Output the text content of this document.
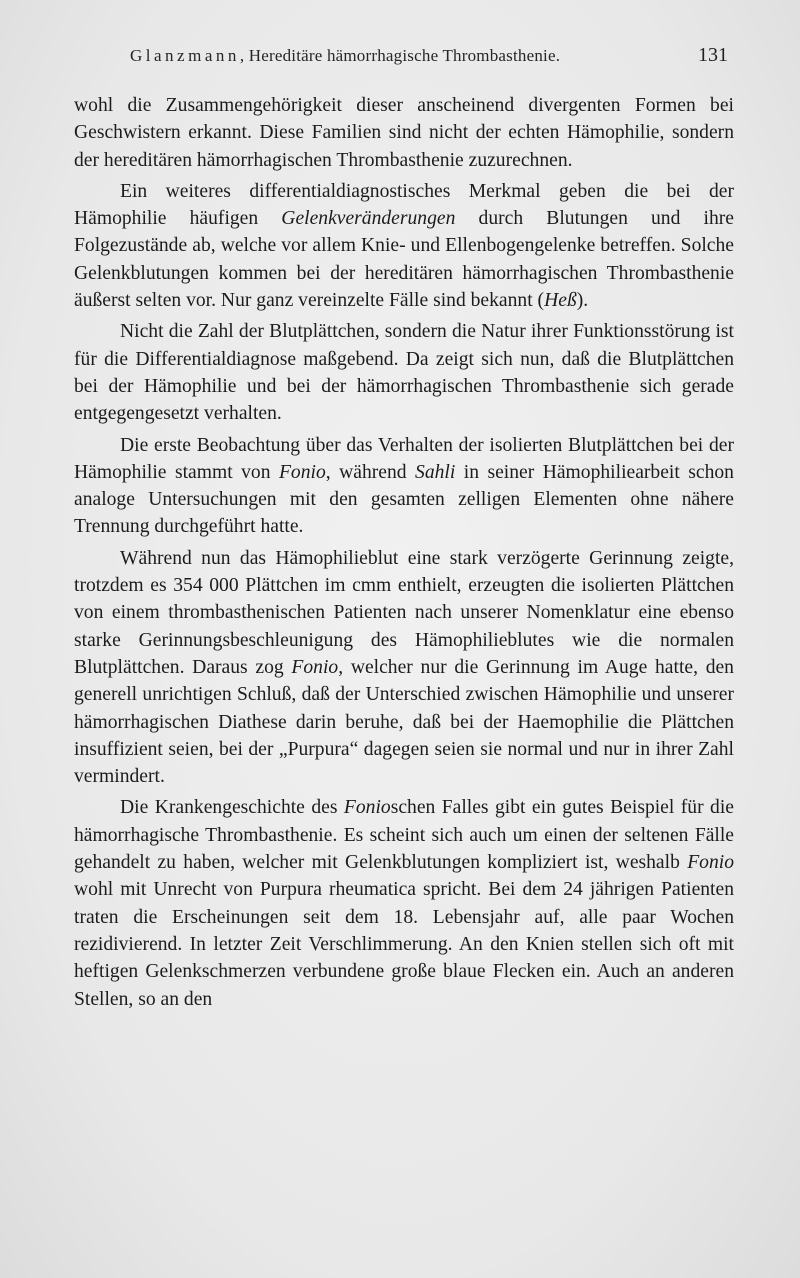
Glanzmann, Hereditäre hämorrhagische Thrombasthenie.	131

wohl die Zusammengehörigkeit dieser anscheinend divergenten Formen bei Geschwistern erkannt. Diese Familien sind nicht der echten Hämophilie, sondern der hereditären hämorrhagischen Thrombasthenie zuzurechnen.

Ein weiteres differentialdiagnostisches Merkmal geben die bei der Hämophilie häufigen Gelenkveränderungen durch Blutungen und ihre Folgezustände ab, welche vor allem Knie- und Ellenbogengelenke betreffen. Solche Gelenkblutungen kommen bei der hereditären hämorrhagischen Thrombasthenie äußerst selten vor. Nur ganz vereinzelte Fälle sind bekannt (Heß).

Nicht die Zahl der Blutplättchen, sondern die Natur ihrer Funktionsstörung ist für die Differentialdiagnose maßgebend. Da zeigt sich nun, daß die Blutplättchen bei der Hämophilie und bei der hämorrhagischen Thrombasthenie sich gerade entgegengesetzt verhalten.

Die erste Beobachtung über das Verhalten der isolierten Blutplättchen bei der Hämophilie stammt von Fonio, während Sahli in seiner Hämophiliearbeit schon analoge Untersuchungen mit den gesamten zelligen Elementen ohne nähere Trennung durchgeführt hatte.

Während nun das Hämophilieblut eine stark verzögerte Gerinnung zeigte, trotzdem es 354 000 Plättchen im cmm enthielt, erzeugten die isolierten Plättchen von einem thrombasthenischen Patienten nach unserer Nomenklatur eine ebenso starke Gerinnungsbeschleunigung des Hämophilieblutes wie die normalen Blutplättchen. Daraus zog Fonio, welcher nur die Gerinnung im Auge hatte, den generell unrichtigen Schluß, daß der Unterschied zwischen Hämophilie und unserer hämorrhagischen Diathese darin beruhe, daß bei der Haemophilie die Plättchen insuffizient seien, bei der „Purpura“ dagegen seien sie normal und nur in ihrer Zahl vermindert.

Die Krankengeschichte des Fonioschen Falles gibt ein gutes Beispiel für die hämorrhagische Thrombasthenie. Es scheint sich auch um einen der seltenen Fälle gehandelt zu haben, welcher mit Gelenkblutungen kompliziert ist, weshalb Fonio wohl mit Unrecht von Purpura rheumatica spricht. Bei dem 24 jährigen Patienten traten die Erscheinungen seit dem 18. Lebensjahr auf, alle paar Wochen rezidivierend. In letzter Zeit Verschlimmerung. An den Knien stellen sich oft mit heftigen Gelenkschmerzen verbundene große blaue Flecken ein. Auch an anderen Stellen, so an den
